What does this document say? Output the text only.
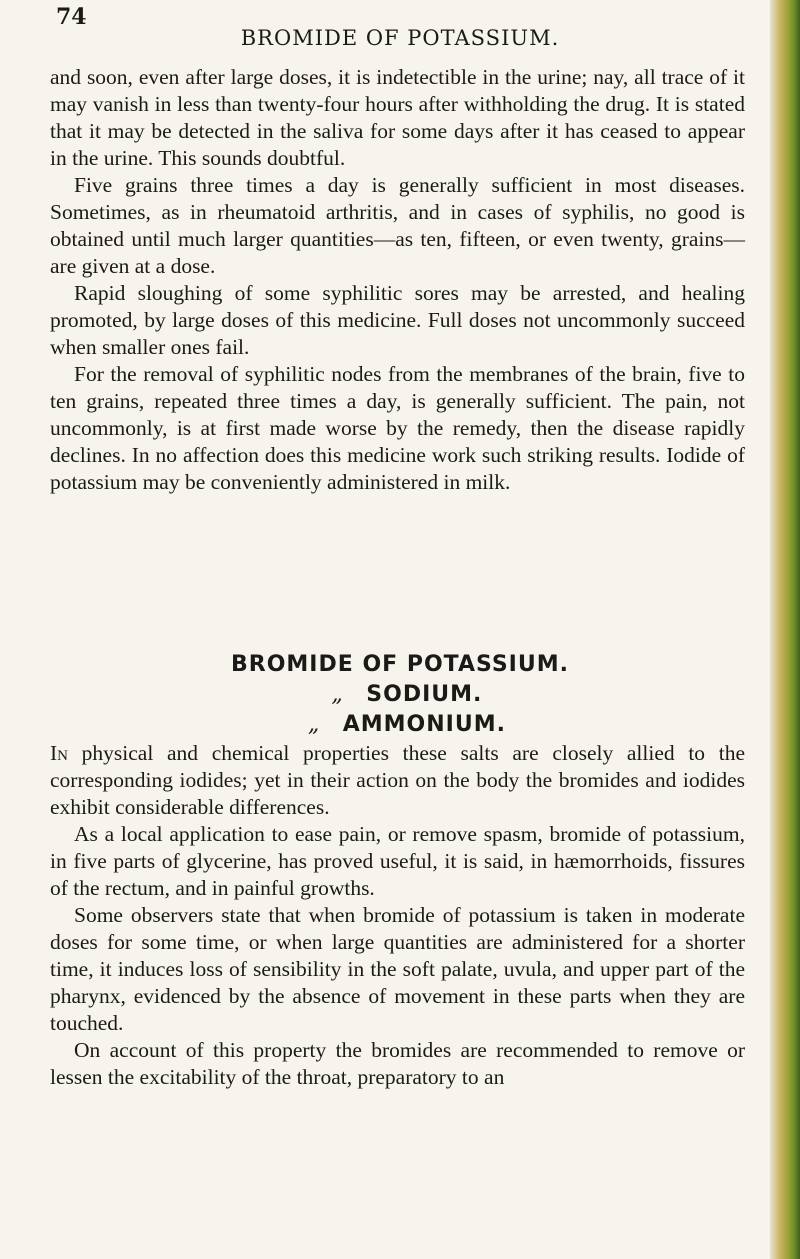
74
BROMIDE OF POTASSIUM.

and soon, even after large doses, it is indetectible in the urine; nay, all trace of it may vanish in less than twenty-four hours after withholding the drug. It is stated that it may be detected in the saliva for some days after it has ceased to appear in the urine. This sounds doubtful.

Five grains three times a day is generally sufficient in most diseases. Sometimes, as in rheumatoid arthritis, and in cases of syphilis, no good is obtained until much larger quantities—as ten, fifteen, or even twenty, grains—are given at a dose.

Rapid sloughing of some syphilitic sores may be arrested, and healing promoted, by large doses of this medicine. Full doses not uncommonly succeed when smaller ones fail.

For the removal of syphilitic nodes from the membranes of the brain, five to ten grains, repeated three times a day, is generally sufficient. The pain, not uncommonly, is at first made worse by the remedy, then the disease rapidly declines. In no affection does this medicine work such striking results. Iodide of potassium may be conveniently administered in milk.

BROMIDE OF POTASSIUM.
„ SODIUM.
„ AMMONIUM.

In physical and chemical properties these salts are closely allied to the corresponding iodides; yet in their action on the body the bromides and iodides exhibit considerable differences.

As a local application to ease pain, or remove spasm, bromide of potassium, in five parts of glycerine, has proved useful, it is said, in hæmorrhoids, fissures of the rectum, and in painful growths.

Some observers state that when bromide of potassium is taken in moderate doses for some time, or when large quantities are administered for a shorter time, it induces loss of sensibility in the soft palate, uvula, and upper part of the pharynx, evidenced by the absence of movement in these parts when they are touched.

On account of this property the bromides are recommended to remove or lessen the excitability of the throat, preparatory to an
